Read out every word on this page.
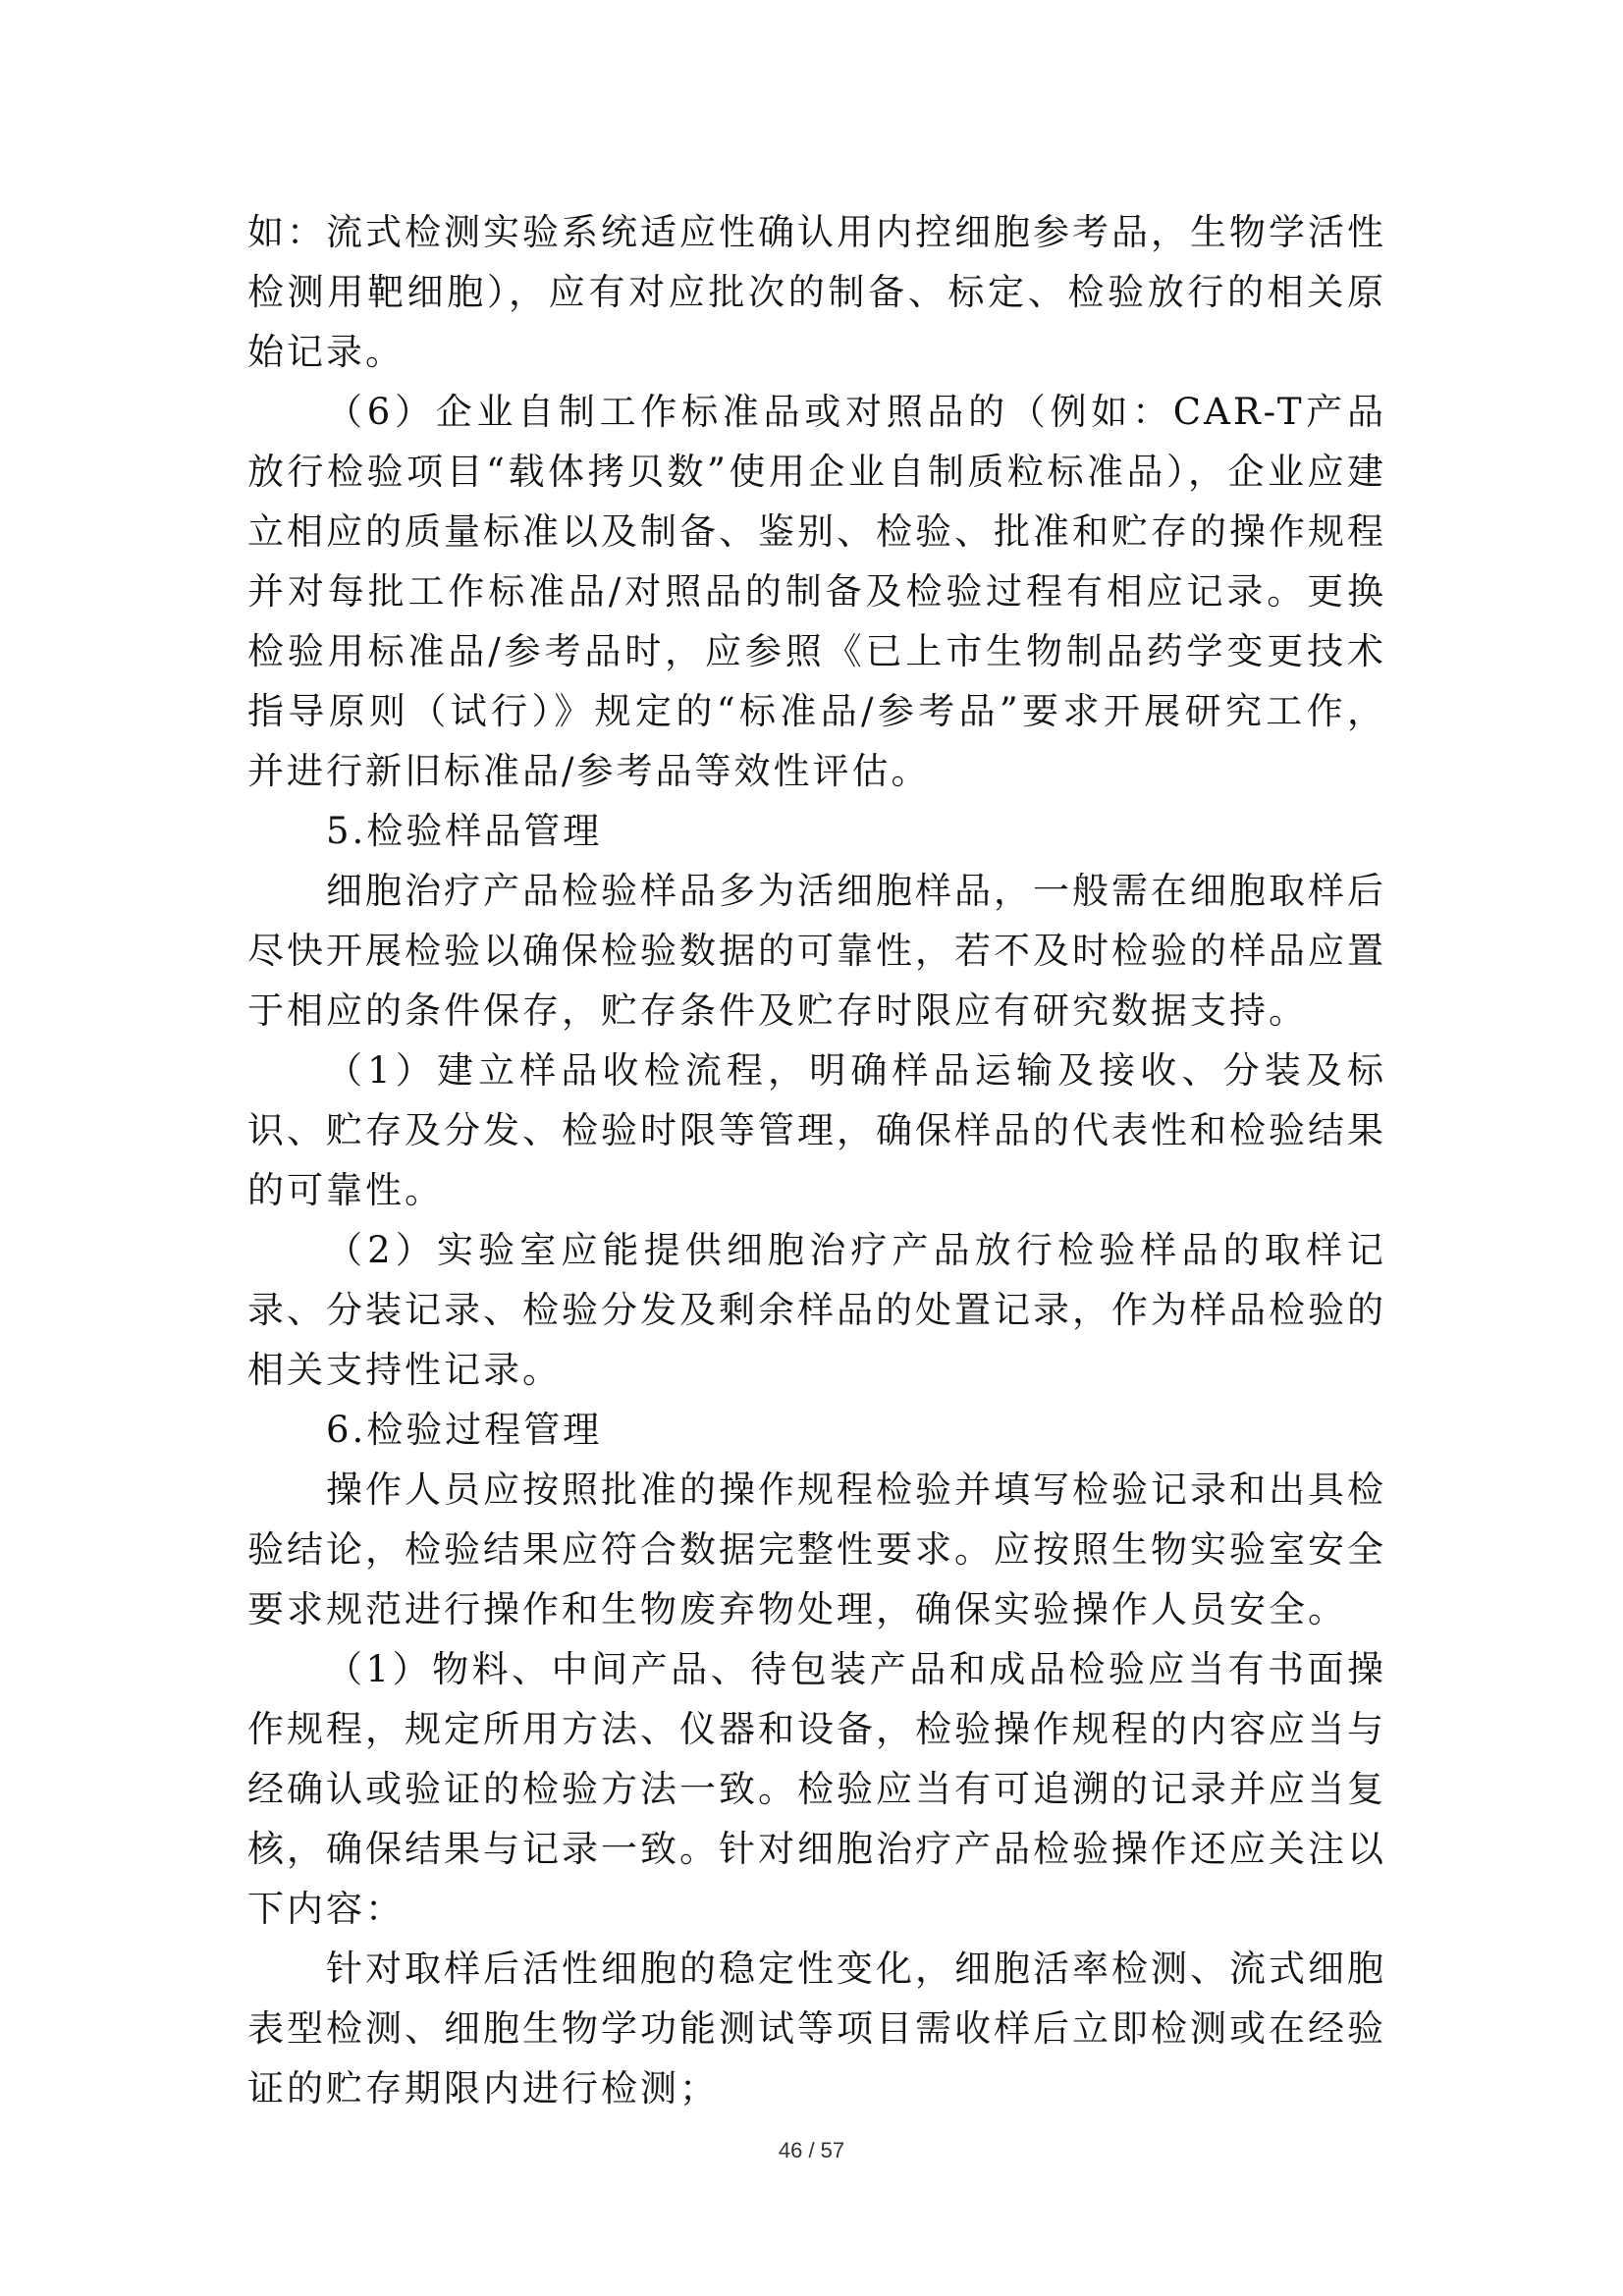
如：流式检测实验系统适应性确认用内控细胞参考品，生物学活性检测用靶细胞），应有对应批次的制备、标定、检验放行的相关原始记录。

（6）企业自制工作标准品或对照品的（例如：CAR-T产品放行检验项目“载体拷贝数”使用企业自制质粒标准品），企业应建立相应的质量标准以及制备、鉴别、检验、批准和贮存的操作规程并对每批工作标准品/对照品的制备及检验过程有相应记录。更换检验用标准品/参考品时，应参照《已上市生物制品药学变更技术指导原则（试行）》规定的“标准品/参考品”要求开展研究工作，并进行新旧标准品/参考品等效性评估。

5.检验样品管理

细胞治疗产品检验样品多为活细胞样品，一般需在细胞取样后尽快开展检验以确保检验数据的可靠性，若不及时检验的样品应置于相应的条件保存，贮存条件及贮存时限应有研究数据支持。

（1）建立样品收检流程，明确样品运输及接收、分装及标识、贮存及分发、检验时限等管理，确保样品的代表性和检验结果的可靠性。

（2）实验室应能提供细胞治疗产品放行检验样品的取样记录、分装记录、检验分发及剩余样品的处置记录，作为样品检验的相关支持性记录。

6.检验过程管理

操作人员应按照批准的操作规程检验并填写检验记录和出具检验结论，检验结果应符合数据完整性要求。应按照生物实验室安全要求规范进行操作和生物废弃物处理，确保实验操作人员安全。

（1）物料、中间产品、待包装产品和成品检验应当有书面操作规程，规定所用方法、仪器和设备，检验操作规程的内容应当与经确认或验证的检验方法一致。检验应当有可追溯的记录并应当复核，确保结果与记录一致。针对细胞治疗产品检验操作还应关注以下内容：

针对取样后活性细胞的稳定性变化，细胞活率检测、流式细胞表型检测、细胞生物学功能测试等项目需收样后立即检测或在经验证的贮存期限内进行检测；

46 / 57
